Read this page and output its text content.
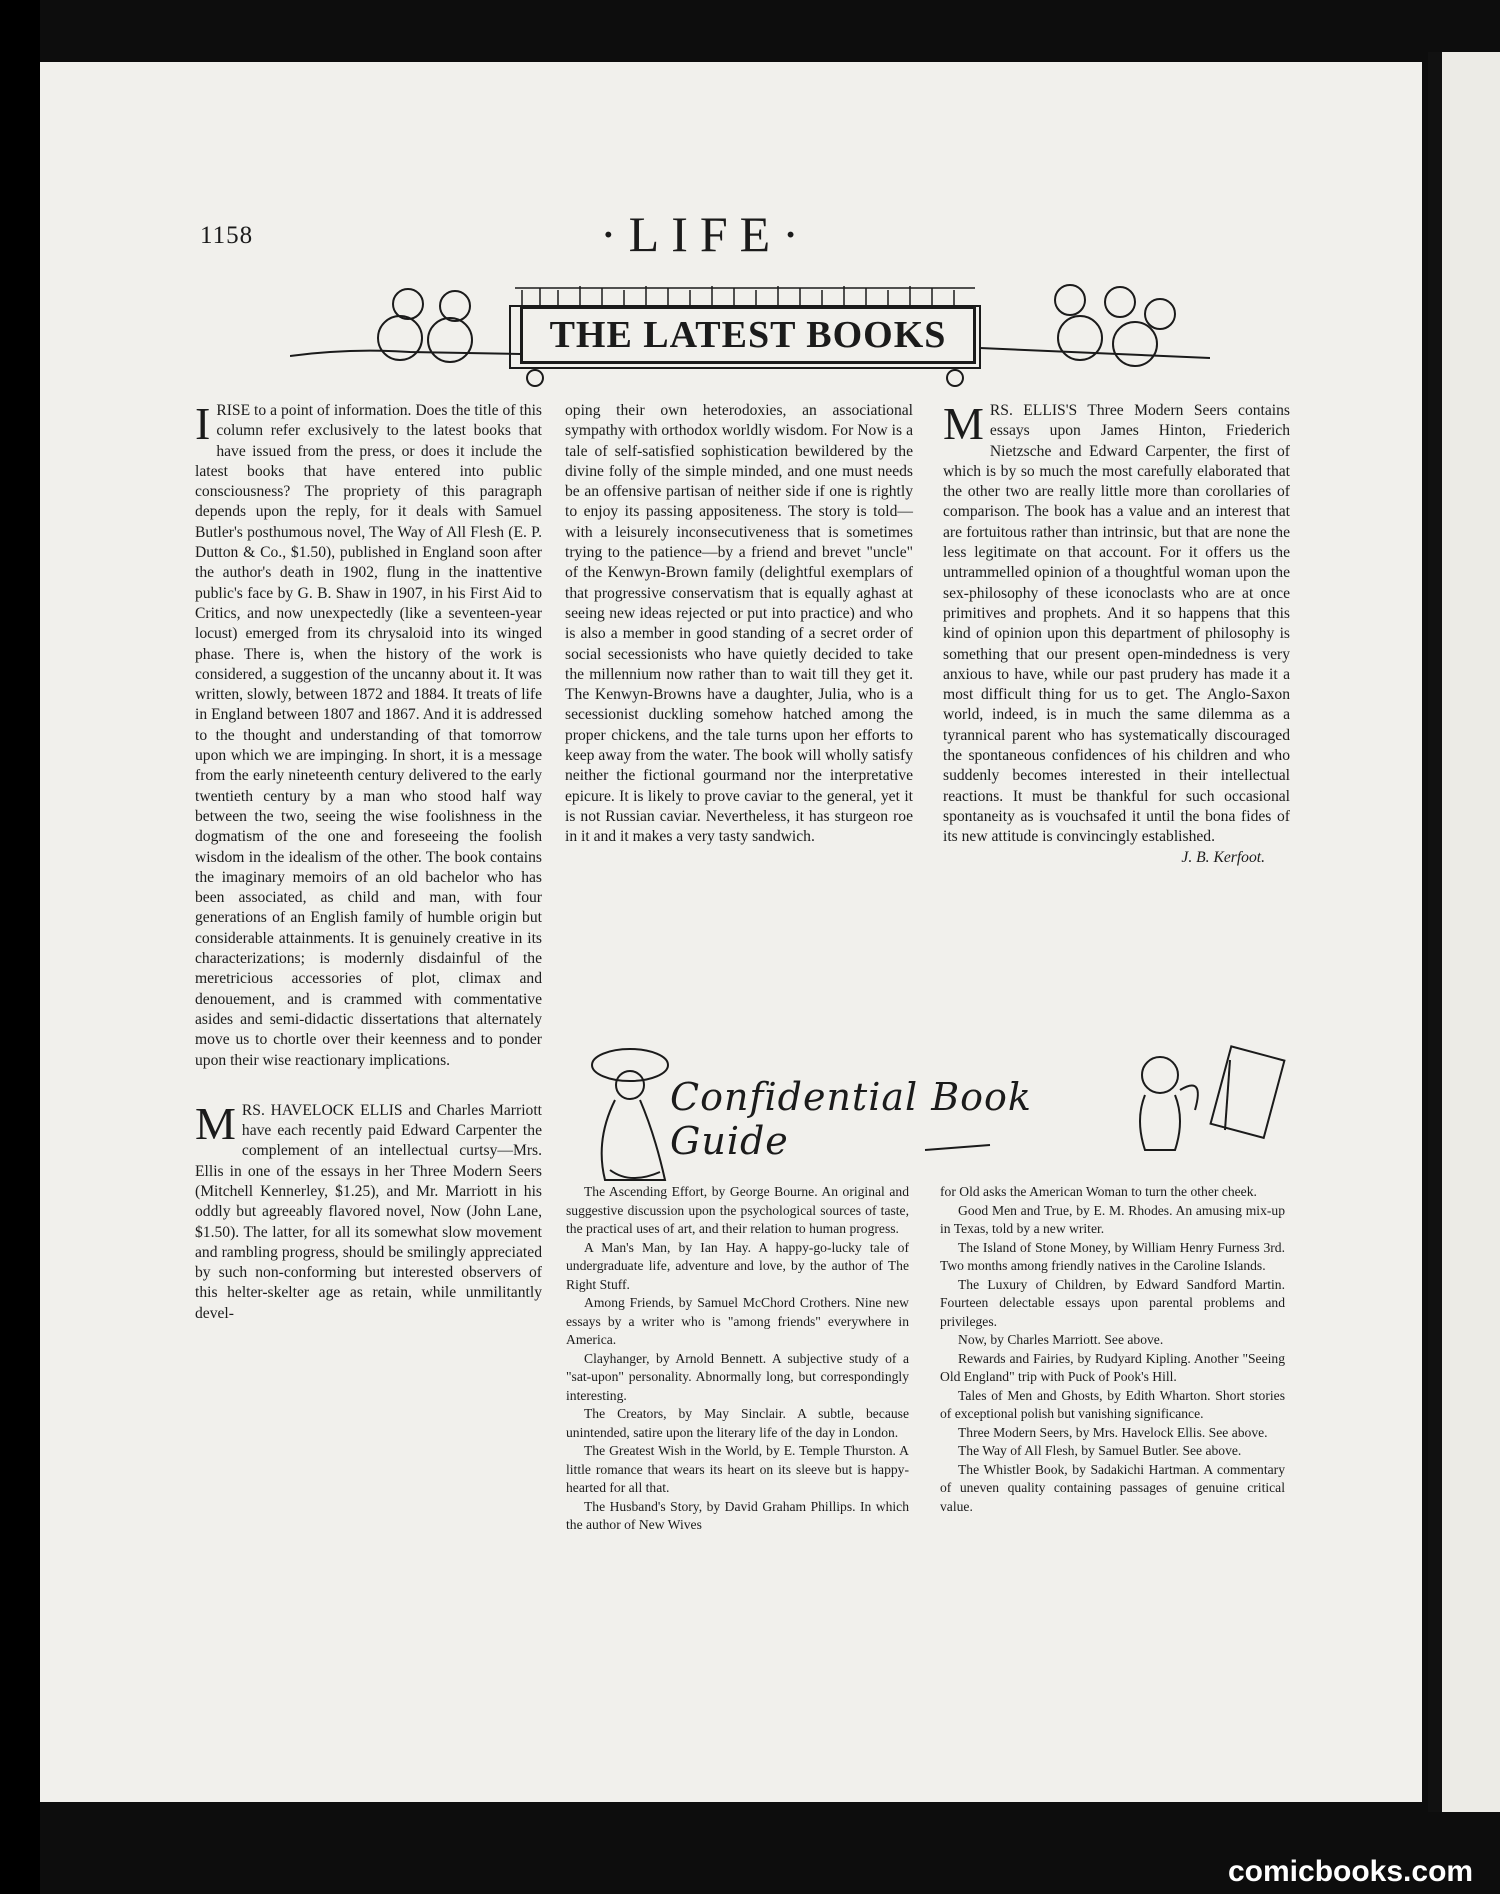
1158	·LIFE·
THE LATEST BOOKS

IRISE to a point of information. Does the title of this column refer exclusively to the latest books that have issued from the press, or does it include the latest books that have entered into public consciousness? The propriety of this paragraph depends upon the reply, for it deals with Samuel Butler's posthumous novel, The Way of All Flesh (E. P. Dutton & Co., $1.50), published in England soon after the author's death in 1902, flung in the inattentive public's face by G. B. Shaw in 1907, in his First Aid to Critics, and now unexpectedly (like a seventeen-year locust) emerged from its chrysaloid into its winged phase. There is, when the history of the work is considered, a suggestion of the uncanny about it. It was written, slowly, between 1872 and 1884. It treats of life in England between 1807 and 1867. And it is addressed to the thought and understanding of that tomorrow upon which we are impinging. In short, it is a message from the early nineteenth century delivered to the early twentieth century by a man who stood half way between the two, seeing the wise foolishness in the dogmatism of the one and foreseeing the foolish wisdom in the idealism of the other. The book contains the imaginary memoirs of an old bachelor who has been associated, as child and man, with four generations of an English family of humble origin but considerable attainments. It is genuinely creative in its characterizations; is modernly disdainful of the meretricious accessories of plot, climax and denouement, and is crammed with commentative asides and semi-didactic dissertations that alternately move us to chortle over their keenness and to ponder upon their wise reactionary implications.

MRS. HAVELOCK ELLIS and Charles Marriott have each recently paid Edward Carpenter the complement of an intellectual curtsy—Mrs. Ellis in one of the essays in her Three Modern Seers (Mitchell Kennerley, $1.25), and Mr. Marriott in his oddly but agreeably flavored novel, Now (John Lane, $1.50). The latter, for all its somewhat slow movement and rambling progress, should be smilingly appreciated by such non-conforming but interested observers of this helter-skelter age as retain, while unmilitantly devel-

oping their own heterodoxies, an associational sympathy with orthodox worldly wisdom. For Now is a tale of self-satisfied sophistication bewildered by the divine folly of the simple minded, and one must needs be an offensive partisan of neither side if one is rightly to enjoy its passing appositeness. The story is told—with a leisurely inconsecutiveness that is sometimes trying to the patience—by a friend and brevet "uncle" of the Kenwyn-Brown family (delightful exemplars of that progressive conservatism that is equally aghast at seeing new ideas rejected or put into practice) and who is also a member in good standing of a secret order of social secessionists who have quietly decided to take the millennium now rather than to wait till they get it. The Kenwyn-Browns have a daughter, Julia, who is a secessionist duckling somehow hatched among the proper chickens, and the tale turns upon her efforts to keep away from the water. The book will wholly satisfy neither the fictional gourmand nor the interpretative epicure. It is likely to prove caviar to the general, yet it is not Russian caviar. Nevertheless, it has sturgeon roe in it and it makes a very tasty sandwich.

MRS. ELLIS'S Three Modern Seers contains essays upon James Hinton, Friederich Nietzsche and Edward Carpenter, the first of which is by so much the most carefully elaborated that the other two are really little more than corollaries of comparison. The book has a value and an interest that are fortuitous rather than intrinsic, but that are none the less legitimate on that account. For it offers us the untrammelled opinion of a thoughtful woman upon the sex-philosophy of these iconoclasts who are at once primitives and prophets. And it so happens that this kind of opinion upon this department of philosophy is something that our present open-mindedness is very anxious to have, while our past prudery has made it a most difficult thing for us to get. The Anglo-Saxon world, indeed, is in much the same dilemma as a tyrannical parent who has systematically discouraged the spontaneous confidences of his children and who suddenly becomes interested in their intellectual reactions. It must be thankful for such occasional spontaneity as is vouchsafed it until the bona fides of its new attitude is convincingly established.

J. B. Kerfoot.

Confidential Book Guide

The Ascending Effort, by George Bourne. An original and suggestive discussion upon the psychological sources of taste, the practical uses of art, and their relation to human progress.

A Man's Man, by Ian Hay. A happy-go-lucky tale of undergraduate life, adventure and love, by the author of The Right Stuff.

Among Friends, by Samuel McChord Crothers. Nine new essays by a writer who is "among friends" everywhere in America.

Clayhanger, by Arnold Bennett. A subjective study of a "sat-upon" personality. Abnormally long, but correspondingly interesting.

The Creators, by May Sinclair. A subtle, because unintended, satire upon the literary life of the day in London.

The Greatest Wish in the World, by E. Temple Thurston. A little romance that wears its heart on its sleeve but is happy-hearted for all that.

The Husband's Story, by David Graham Phillips. In which the author of New Wives

for Old asks the American Woman to turn the other cheek.

Good Men and True, by E. M. Rhodes. An amusing mix-up in Texas, told by a new writer.

The Island of Stone Money, by William Henry Furness 3rd. Two months among friendly natives in the Caroline Islands.

The Luxury of Children, by Edward Sandford Martin. Fourteen delectable essays upon parental problems and privileges.

Now, by Charles Marriott. See above.

Rewards and Fairies, by Rudyard Kipling. Another "Seeing Old England" trip with Puck of Pook's Hill.

Tales of Men and Ghosts, by Edith Wharton. Short stories of exceptional polish but vanishing significance.

Three Modern Seers, by Mrs. Havelock Ellis. See above.

The Way of All Flesh, by Samuel Butler. See above.

The Whistler Book, by Sadakichi Hartman. A commentary of uneven quality containing passages of genuine critical value.

comicbooks.com
